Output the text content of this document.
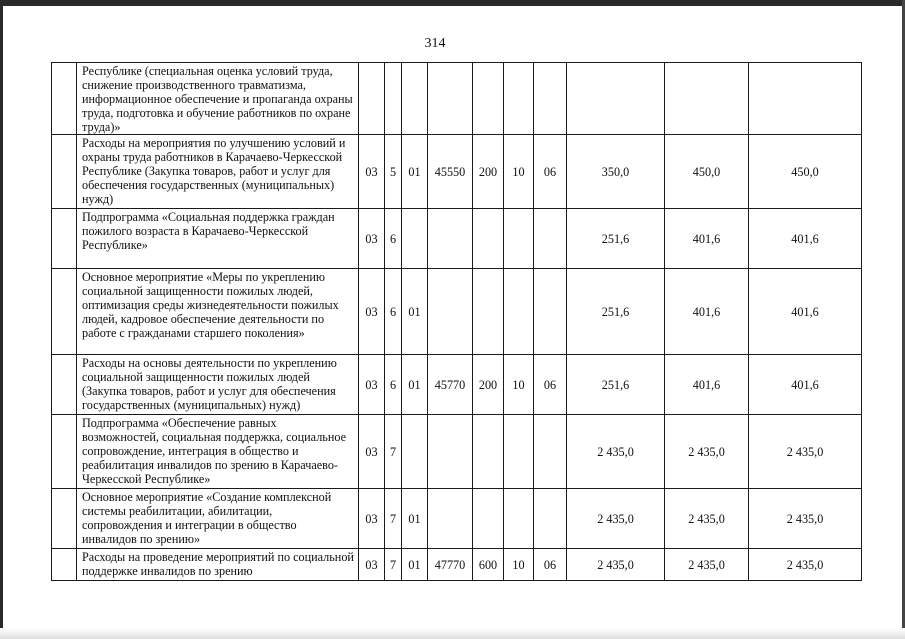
314
	Республике (специальная оценка условий труда, снижение производственного травматизма, информационное обеспечение и пропаганда охраны труда, подготовка и обучение работников по охране труда)»										
	Расходы на мероприятия по улучшению условий и охраны труда работников в Карачаево-Черкесской Республике (Закупка товаров, работ и услуг для обеспечения государственных (муниципальных) нужд)	03	5	01	45550	200	10	06	350,0	450,0	450,0
	Подпрограмма «Социальная поддержка граждан пожилого возраста в Карачаево-Черкесской Республике»	03	6						251,6	401,6	401,6
	Основное мероприятие «Меры по укреплению социальной защищенности пожилых людей, оптимизация среды жизнедеятельности пожилых людей, кадровое обеспечение деятельности по работе с гражданами старшего поколения»	03	6	01					251,6	401,6	401,6
	Расходы на основы деятельности по укреплению социальной защищенности пожилых людей (Закупка товаров, работ и услуг для обеспечения государственных (муниципальных) нужд)	03	6	01	45770	200	10	06	251,6	401,6	401,6
	Подпрограмма «Обеспечение равных возможностей, социальная поддержка, социальное сопровождение, интеграция в общество и реабилитация инвалидов по зрению в Карачаево-Черкесской Республике»	03	7						2 435,0	2 435,0	2 435,0
	Основное мероприятие «Создание комплексной системы реабилитации, абилитации, сопровождения и интеграции в общество инвалидов по зрению»	03	7	01					2 435,0	2 435,0	2 435,0
	Расходы на проведение мероприятий по социальной поддержке инвалидов по зрению	03	7	01	47770	600	10	06	2 435,0	2 435,0	2 435,0
